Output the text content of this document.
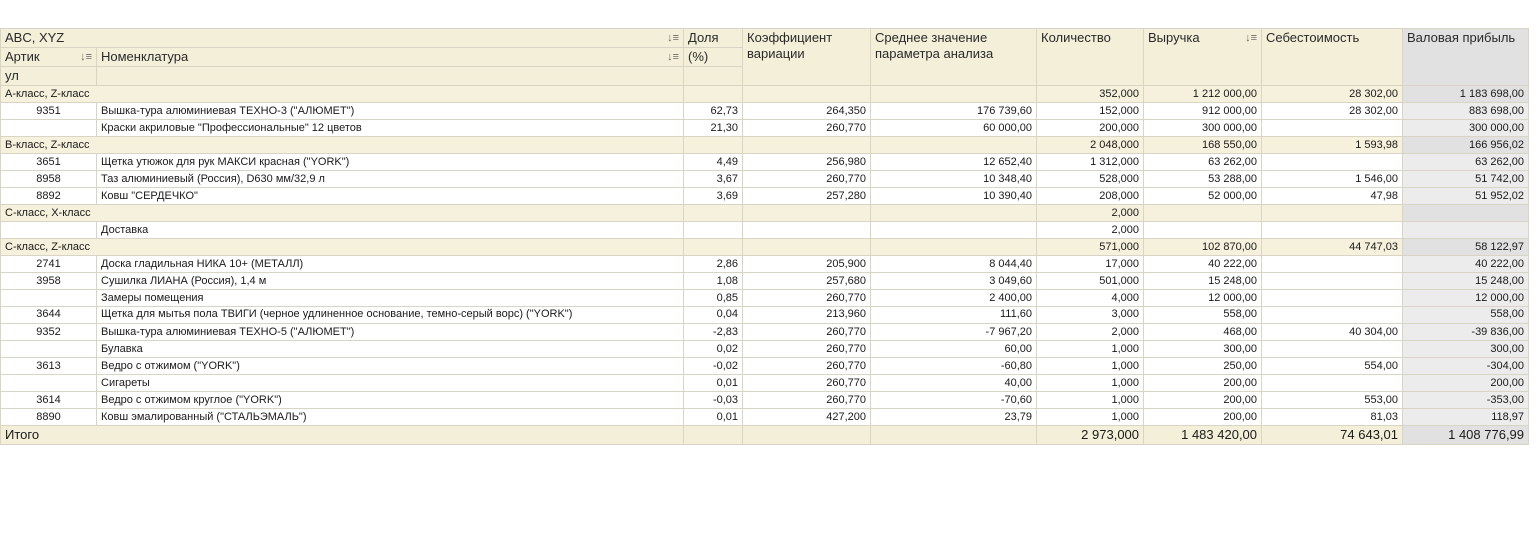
ABC, XYZ ↓≡		Доля	Коэффициент вариации	Среднее значение параметра анализа	Количество	Выручка ↓≡	Себестоимость	Валовая прибыль

Артик ↓≡	Номенклатура ↓≡	(%)						
ул								
A-класс, Z-класс					352,000	1 212 000,00	28 302,00	1 183 698,00
9351	Вышка-тура алюминиевая ТЕХНО-3 ("АЛЮМЕТ")	62,73	264,350	176 739,60	152,000	912 000,00	28 302,00	883 698,00
	Краски акриловые "Профессиональные" 12 цветов	21,30	260,770	60 000,00	200,000	300 000,00		300 000,00
B-класс, Z-класс					2 048,000	168 550,00	1 593,98	166 956,02
3651	Щетка утюжок для рук МАКСИ красная ("YORK")	4,49	256,980	12 652,40	1 312,000	63 262,00		63 262,00
8958	Таз алюминиевый (Россия), D630 мм/32,9 л	3,67	260,770	10 348,40	528,000	53 288,00	1 546,00	51 742,00
8892	Ковш "СЕРДЕЧКО"	3,69	257,280	10 390,40	208,000	52 000,00	47,98	51 952,02
C-класс, X-класс					2,000			
	Доставка				2,000			
C-класс, Z-класс					571,000	102 870,00	44 747,03	58 122,97
2741	Доска гладильная НИКА 10+ (МЕТАЛЛ)	2,86	205,900	8 044,40	17,000	40 222,00		40 222,00
3958	Сушилка ЛИАНА (Россия), 1,4 м	1,08	257,680	3 049,60	501,000	15 248,00		15 248,00
	Замеры помещения	0,85	260,770	2 400,00	4,000	12 000,00		12 000,00
3644	Щетка для мытья пола ТВИГИ (черное удлиненное основание, темно-серый ворс) ("YORK")	0,04	213,960	111,60	3,000	558,00		558,00
9352	Вышка-тура алюминиевая ТЕХНО-5 ("АЛЮМЕТ")	-2,83	260,770	-7 967,20	2,000	468,00	40 304,00	-39 836,00
	Булавка	0,02	260,770	60,00	1,000	300,00		300,00
3613	Ведро с отжимом ("YORK")	-0,02	260,770	-60,80	1,000	250,00	554,00	-304,00
	Сигареты	0,01	260,770	40,00	1,000	200,00		200,00
3614	Ведро с отжимом круглое ("YORK")	-0,03	260,770	-70,60	1,000	200,00	553,00	-353,00
8890	Ковш эмалированный ("СТАЛЬЭМАЛЬ")	0,01	427,200	23,79	1,000	200,00	81,03	118,97
Итого					2 973,000	1 483 420,00	74 643,01	1 408 776,99
